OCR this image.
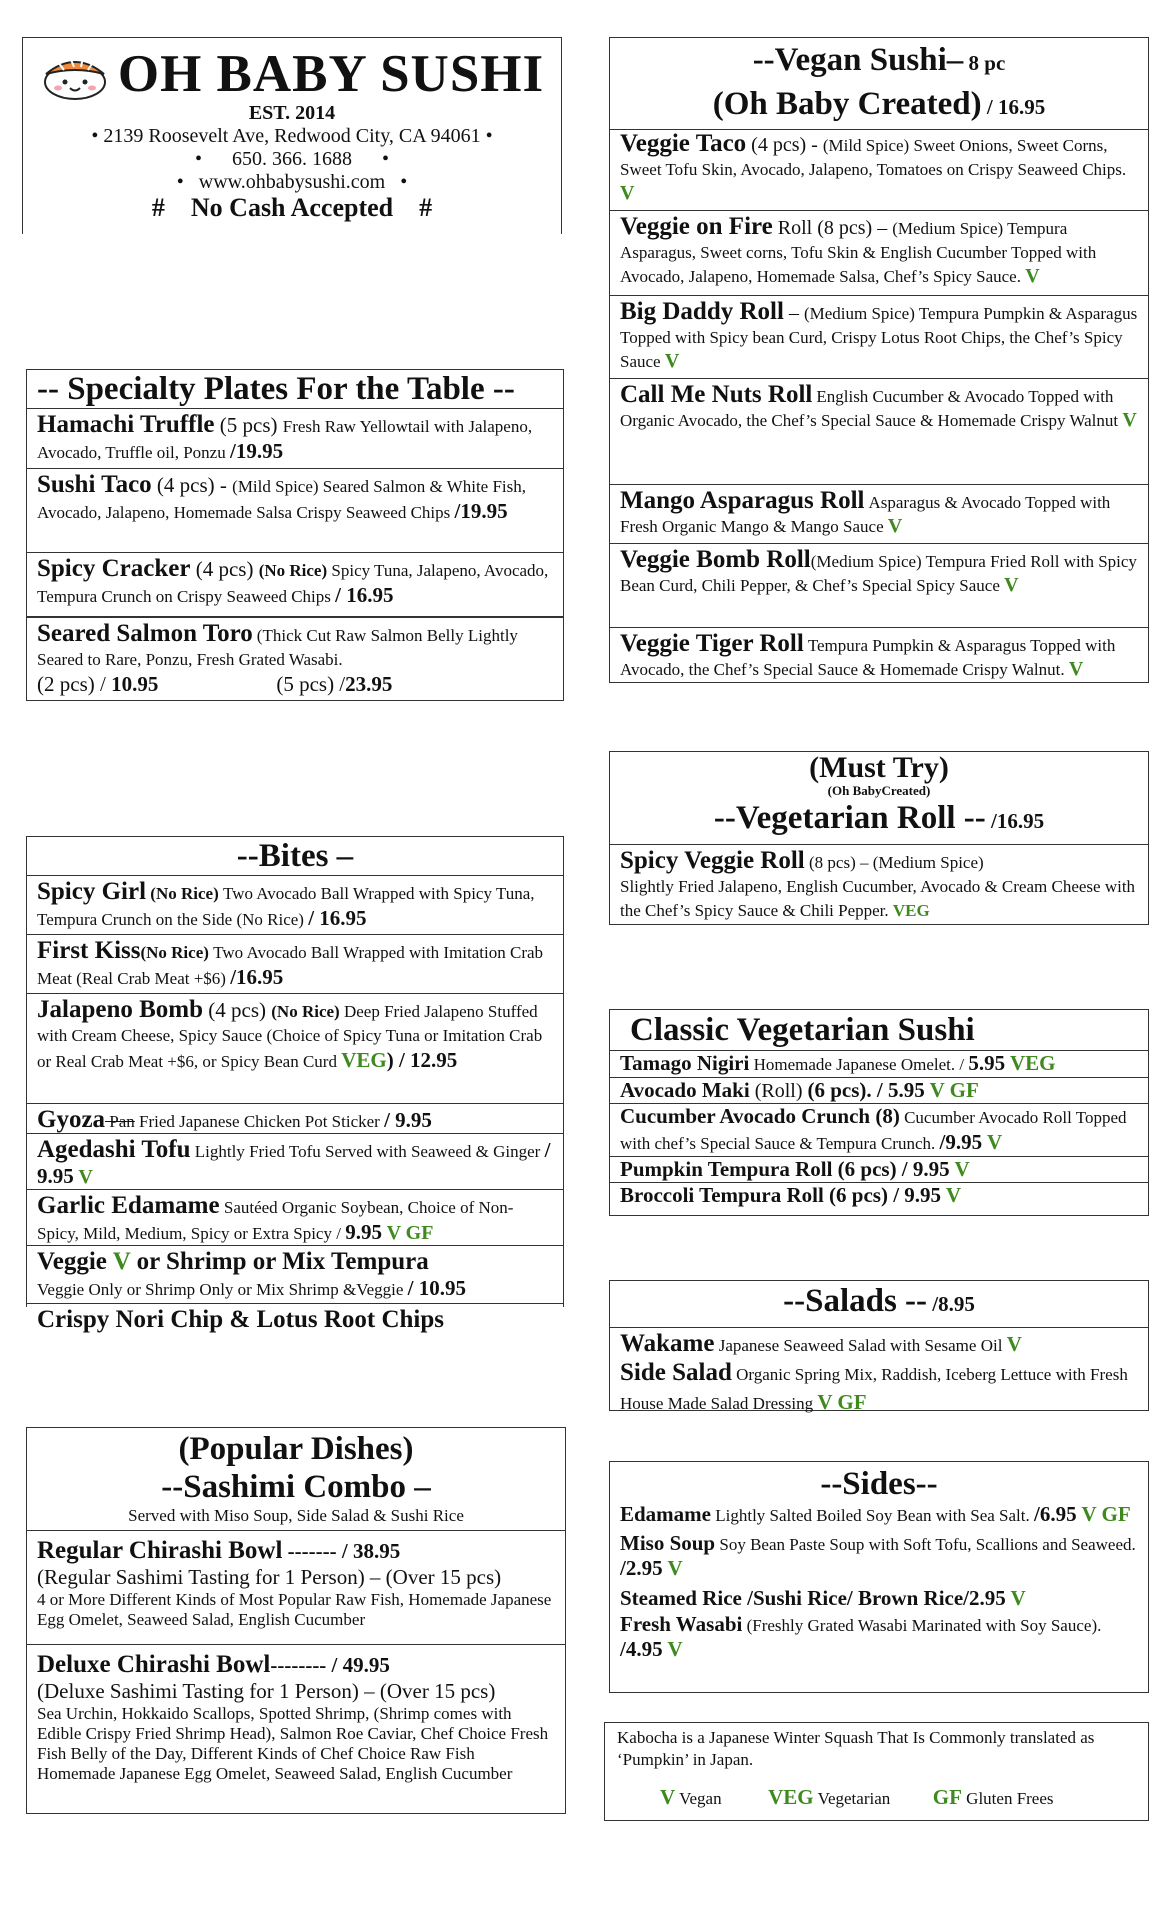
OH BABY SUSHI
EST. 2014
• 2139 Roosevelt Ave, Redwood City, CA 94061 •
•      650. 366. 1688      •
•   www.ohbabysushi.com   •
#    No Cash Accepted    #
-- Specialty Plates For the Table --
Hamachi Truffle (5 pcs) Fresh Raw Yellowtail with Jalapeno, Avocado, Truffle oil, Ponzu /19.95
Sushi Taco (4 pcs) - (Mild Spice) Seared Salmon & White Fish, Avocado, Jalapeno, Homemade Salsa Crispy Seaweed Chips /19.95
Spicy Cracker (4 pcs) (No Rice) Spicy Tuna, Jalapeno, Avocado, Tempura Crunch on Crispy Seaweed Chips / 16.95
Seared Salmon Toro (Thick Cut Raw Salmon Belly Lightly Seared to Rare, Ponzu, Fresh Grated Wasabi.
(2 pcs) / 10.95	(5 pcs) /23.95
--Bites –
Spicy Girl (No Rice) Two Avocado Ball Wrapped with Spicy Tuna, Tempura Crunch on the Side (No Rice) / 16.95
First Kiss(No Rice) Two Avocado Ball Wrapped with Imitation Crab Meat (Real Crab Meat +$6) /16.95
Jalapeno Bomb (4 pcs) (No Rice) Deep Fried Jalapeno Stuffed with Cream Cheese, Spicy Sauce (Choice of Spicy Tuna or Imitation Crab or Real Crab Meat +$6, or Spicy Bean Curd VEG) / 12.95
Gyoza Pan Fried Japanese Chicken Pot Sticker / 9.95
Agedashi Tofu Lightly Fried Tofu Served with Seaweed & Ginger / 9.95 V
Garlic Edamame Sautéed Organic Soybean, Choice of Non-Spicy, Mild, Medium, Spicy or Extra Spicy / 9.95 V GF
Veggie V or Shrimp or Mix Tempura
Veggie Only or Shrimp Only or Mix Shrimp &Veggie / 10.95
Crispy Nori Chip & Lotus Root Chips
(Popular Dishes)
--Sashimi Combo –
Served with Miso Soup, Side Salad & Sushi Rice
Regular Chirashi Bowl ------- / 38.95
(Regular Sashimi Tasting for 1 Person) – (Over 15 pcs)
4 or More Different Kinds of Most Popular Raw Fish, Homemade Japanese Egg Omelet, Seaweed Salad, English Cucumber
Deluxe Chirashi Bowl-------- / 49.95
(Deluxe Sashimi Tasting for 1 Person) – (Over 15 pcs)
Sea Urchin, Hokkaido Scallops, Spotted Shrimp, (Shrimp comes with Edible Crispy Fried Shrimp Head), Salmon Roe Caviar, Chef Choice Fresh Fish Belly of the Day, Different Kinds of Chef Choice Raw Fish Homemade Japanese Egg Omelet, Seaweed Salad, English Cucumber
--Vegan Sushi– 8 pc
(Oh Baby Created) / 16.95
Veggie Taco (4 pcs) - (Mild Spice) Sweet Onions, Sweet Corns, Sweet Tofu Skin, Avocado, Jalapeno, Tomatoes on Crispy Seaweed Chips. V
Veggie on Fire Roll (8 pcs) – (Medium Spice) Tempura Asparagus, Sweet corns, Tofu Skin & English Cucumber Topped with Avocado, Jalapeno, Homemade Salsa, Chef’s Spicy Sauce. V
Big Daddy Roll – (Medium Spice) Tempura Pumpkin & Asparagus Topped with Spicy bean Curd, Crispy Lotus Root Chips, the Chef’s Spicy Sauce V
Call Me Nuts Roll English Cucumber & Avocado Topped with Organic Avocado, the Chef’s Special Sauce & Homemade Crispy Walnut V
Mango Asparagus Roll Asparagus & Avocado Topped with Fresh Organic Mango & Mango Sauce V
Veggie Bomb Roll(Medium Spice) Tempura Fried Roll with Spicy Bean Curd, Chili Pepper, & Chef’s Special Spicy Sauce V
Veggie Tiger Roll Tempura Pumpkin & Asparagus Topped with Avocado, the Chef’s Special Sauce & Homemade Crispy Walnut. V
(Must Try)
(Oh BabyCreated)
--Vegetarian Roll -- /16.95
Spicy Veggie Roll (8 pcs) – (Medium Spice)
Slightly Fried Jalapeno, English Cucumber, Avocado & Cream Cheese with the Chef’s Spicy Sauce & Chili Pepper. VEG
Classic Vegetarian Sushi
Tamago Nigiri Homemade Japanese Omelet. / 5.95 VEG
Avocado Maki (Roll) (6 pcs). / 5.95 V GF
Cucumber Avocado Crunch (8) Cucumber Avocado Roll Topped with chef’s Special Sauce & Tempura Crunch. /9.95 V
Pumpkin Tempura Roll (6 pcs) / 9.95 V
Broccoli Tempura Roll (6 pcs) / 9.95 V
--Salads -- /8.95
Wakame Japanese Seaweed Salad with Sesame Oil V
Side Salad Organic Spring Mix, Raddish, Iceberg Lettuce with Fresh House Made Salad Dressing V GF
--Sides--
Edamame Lightly Salted Boiled Soy Bean with Sea Salt. /6.95 V GF
Miso Soup Soy Bean Paste Soup with Soft Tofu, Scallions and Seaweed. /2.95 V
Steamed Rice /Sushi Rice/ Brown Rice/2.95 V
Fresh Wasabi (Freshly Grated Wasabi Marinated with Soy Sauce). /4.95 V
Kabocha is a Japanese Winter Squash That Is Commonly translated as ‘Pumpkin’ in Japan.
V Vegan VEG Vegetarian GF Gluten Frees
